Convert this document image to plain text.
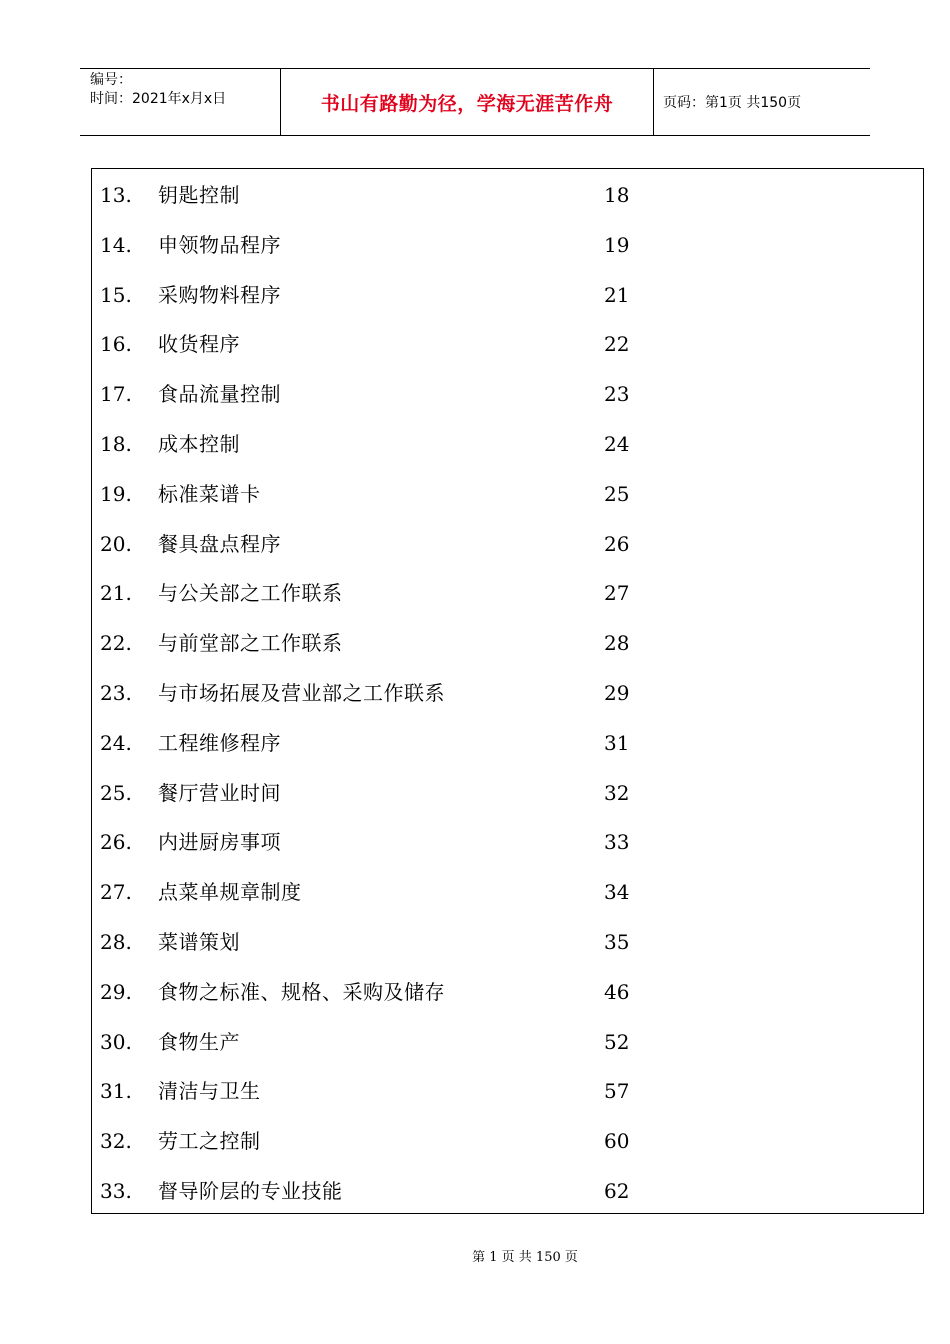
编号：
时间：2021年x月x日	书山有路勤为径，学海无涯苦作舟	页码：第1页 共150页
13. 钥匙控制	18
14. 申领物品程序	19
15. 采购物料程序	21
16. 收货程序	22
17. 食品流量控制	23
18. 成本控制	24
19. 标准菜谱卡	25
20. 餐具盘点程序	26
21. 与公关部之工作联系	27
22. 与前堂部之工作联系	28
23. 与市场拓展及营业部之工作联系	29
24. 工程维修程序	31
25. 餐厅营业时间	32
26. 内进厨房事项	33
27. 点菜单规章制度	34
28. 菜谱策划	35
29. 食物之标准、规格、采购及储存	46
30. 食物生产	52
31. 清洁与卫生	57
32. 劳工之控制	60
33. 督导阶层的专业技能	62
第 1 页 共 150 页
